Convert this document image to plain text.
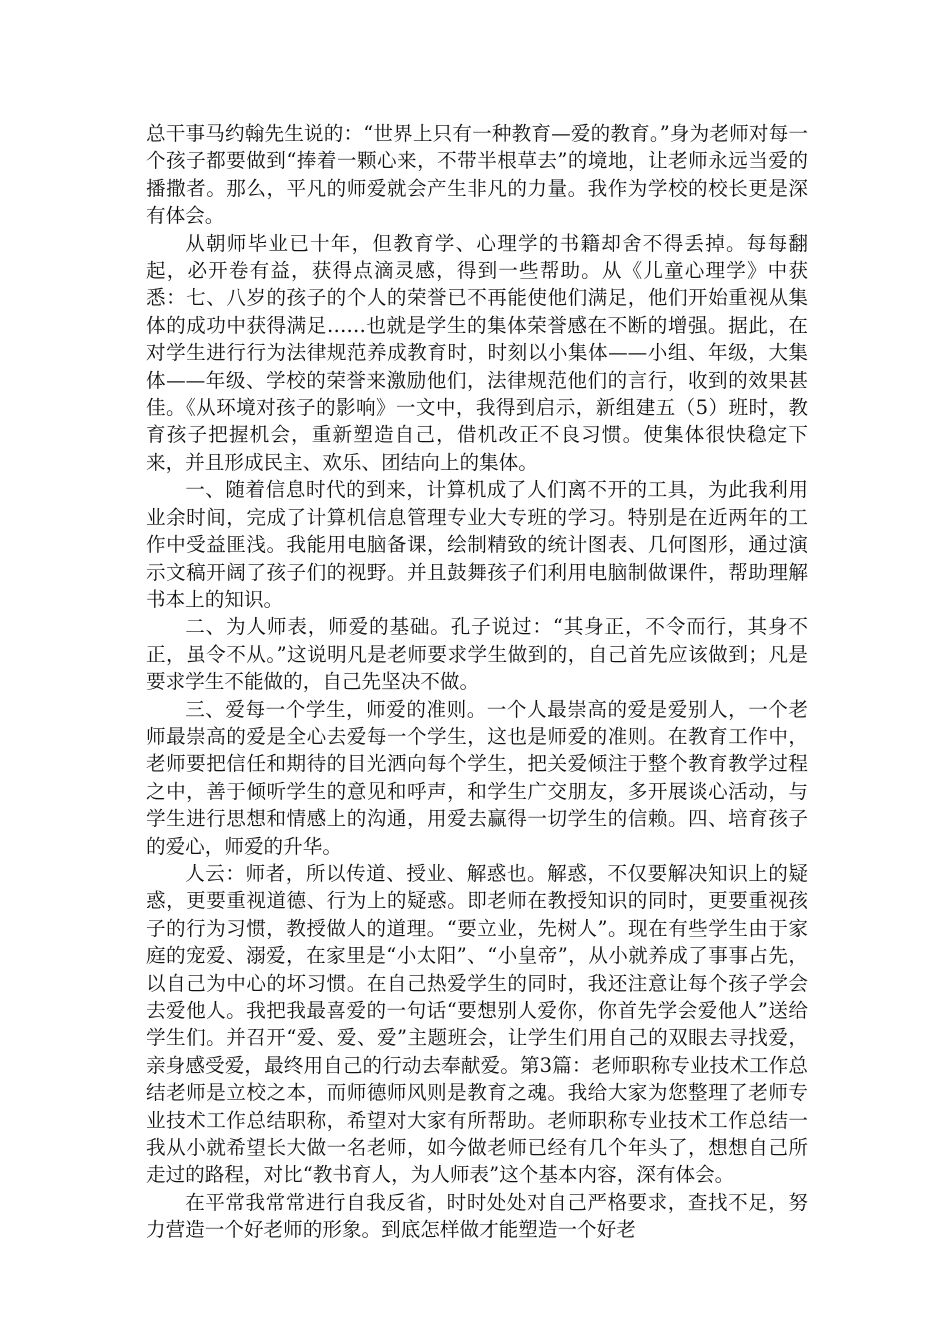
总干事马约翰先生说的：“世界上只有一种教育—爱的教育。”身为老师对每一个孩子都要做到“捧着一颗心来，不带半根草去”的境地，让老师永远当爱的播撒者。那么，平凡的师爱就会产生非凡的力量。我作为学校的校长更是深有体会。

从朝师毕业已十年，但教育学、心理学的书籍却舍不得丢掉。每每翻起，必开卷有益，获得点滴灵感，得到一些帮助。从《儿童心理学》中获悉：七、八岁的孩子的个人的荣誉已不再能使他们满足，他们开始重视从集体的成功中获得满足……也就是学生的集体荣誉感在不断的增强。据此，在对学生进行行为法律规范养成教育时，时刻以小集体——小组、年级，大集体——年级、学校的荣誉来激励他们，法律规范他们的言行，收到的效果甚佳。《从环境对孩子的影响》一文中，我得到启示，新组建五（5）班时，教育孩子把握机会，重新塑造自己，借机改正不良习惯。使集体很快稳定下来，并且形成民主、欢乐、团结向上的集体。

一、随着信息时代的到来，计算机成了人们离不开的工具，为此我利用业余时间，完成了计算机信息管理专业大专班的学习。特别是在近两年的工作中受益匪浅。我能用电脑备课，绘制精致的统计图表、几何图形，通过演示文稿开阔了孩子们的视野。并且鼓舞孩子们利用电脑制做课件，帮助理解书本上的知识。

二、为人师表，师爱的基础。孔子说过：“其身正，不令而行，其身不正，虽令不从。”这说明凡是老师要求学生做到的，自己首先应该做到；凡是要求学生不能做的，自己先坚决不做。

三、爱每一个学生，师爱的准则。一个人最崇高的爱是爱别人，一个老师最崇高的爱是全心去爱每一个学生，这也是师爱的准则。在教育工作中，老师要把信任和期待的目光洒向每个学生，把关爱倾注于整个教育教学过程之中，善于倾听学生的意见和呼声，和学生广交朋友，多开展谈心活动，与学生进行思想和情感上的沟通，用爱去赢得一切学生的信赖。四、培育孩子的爱心，师爱的升华。

人云：师者，所以传道、授业、解惑也。解惑，不仅要解决知识上的疑惑，更要重视道德、行为上的疑惑。即老师在教授知识的同时，更要重视孩子的行为习惯，教授做人的道理。“要立业，先树人”。现在有些学生由于家庭的宠爱、溺爱，在家里是“小太阳”、“小皇帝”，从小就养成了事事占先，以自己为中心的坏习惯。在自己热爱学生的同时，我还注意让每个孩子学会去爱他人。我把我最喜爱的一句话“要想别人爱你，你首先学会爱他人”送给学生们。并召开“爱、爱、爱”主题班会，让学生们用自己的双眼去寻找爱，亲身感受爱，最终用自己的行动去奉献爱。第3篇：老师职称专业技术工作总结老师是立校之本，而师德师风则是教育之魂。我给大家为您整理了老师专业技术工作总结职称，希望对大家有所帮助。老师职称专业技术工作总结一我从小就希望长大做一名老师，如今做老师已经有几个年头了，想想自己所走过的路程，对比“教书育人，为人师表”这个基本内容，深有体会。

在平常我常常进行自我反省，时时处处对自己严格要求，查找不足，努力营造一个好老师的形象。到底怎样做才能塑造一个好老
